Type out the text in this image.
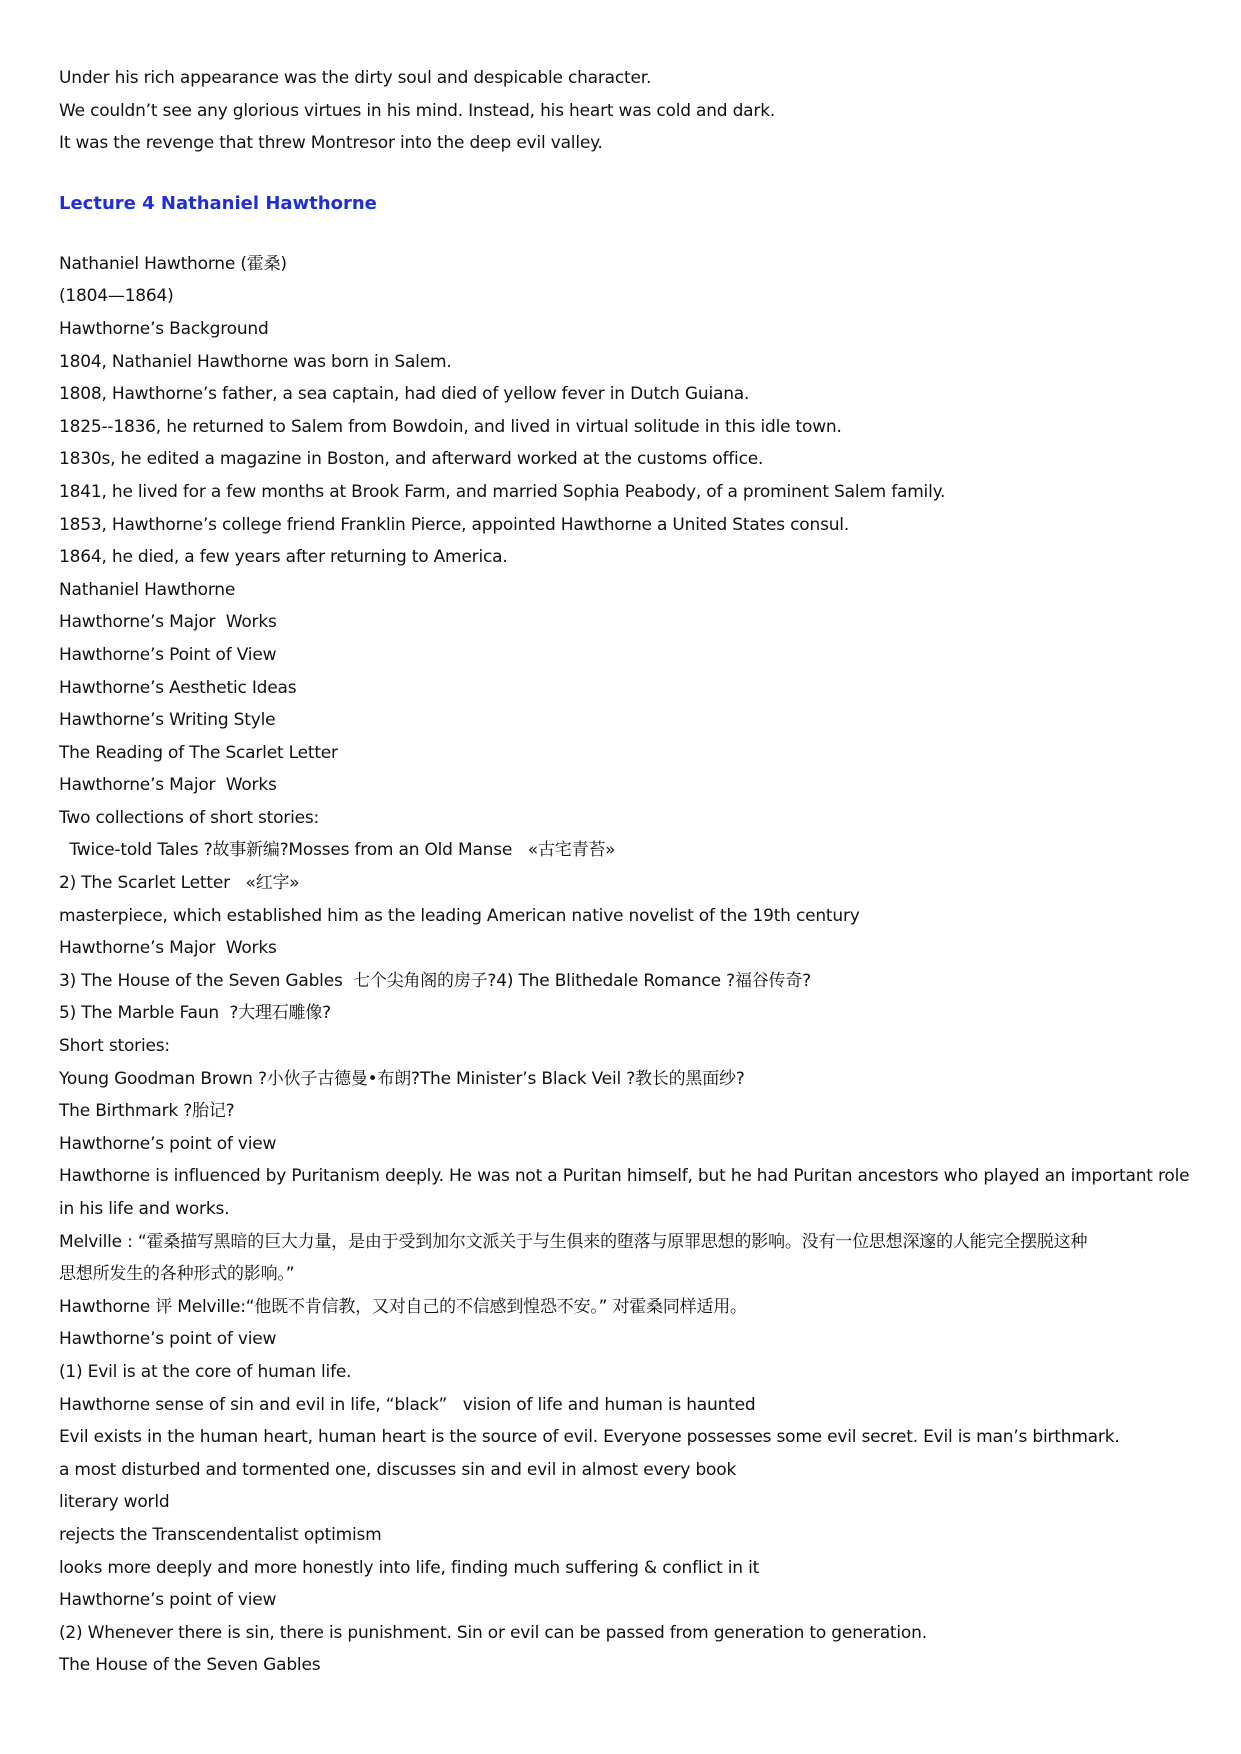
Under his rich appearance was the dirty soul and despicable character.
We couldn’t see any glorious virtues in his mind. Instead, his heart was cold and dark.
It was the revenge that threw Montresor into the deep evil valley.
Lecture 4 Nathaniel Hawthorne
Nathaniel Hawthorne (霍桑)
(1804—1864)
Hawthorne’s Background
1804, Nathaniel Hawthorne was born in Salem.
1808, Hawthorne’s father, a sea captain, had died of yellow fever in Dutch Guiana.
1825--1836, he returned to Salem from Bowdoin, and lived in virtual solitude in this idle town.
1830s, he edited a magazine in Boston, and afterward worked at the customs office.
1841, he lived for a few months at Brook Farm, and married Sophia Peabody, of a prominent Salem family.
1853, Hawthorne’s college friend Franklin Pierce, appointed Hawthorne a United States consul.
1864, he died, a few years after returning to America.
Nathaniel Hawthorne
Hawthorne’s Major  Works
Hawthorne’s Point of View
Hawthorne’s Aesthetic Ideas
Hawthorne’s Writing Style
The Reading of The Scarlet Letter
Hawthorne’s Major  Works
Two collections of short stories:
Twice-told Tales ?故事新编?Mosses from an Old Manse   «古宅青苔»
2) The Scarlet Letter   «红字»
masterpiece, which established him as the leading American native novelist of the 19th century
Hawthorne’s Major  Works
3) The House of the Seven Gables  七个尖角阁的房子?4) The Blithedale Romance ?福谷传奇?
5) The Marble Faun  ?大理石雕像?
Short stories:
Young Goodman Brown ?小伙子古德曼•布朗?The Minister’s Black Veil ?教长的黑面纱?
The Birthmark ?胎记?
Hawthorne’s point of view
Hawthorne is influenced by Puritanism deeply. He was not a Puritan himself, but he had Puritan ancestors who played an important role
in his life and works.
Melville : “霍桑描写黑暗的巨大力量，是由于受到加尔文派关于与生俱来的堕落与原罪思想的影响。没有一位思想深邃的人能完全摆脱这种
思想所发生的各种形式的影响。”
Hawthorne 评 Melville:“他既不肯信教，又对自己的不信感到惶恐不安。” 对霍桑同样适用。
Hawthorne’s point of view
(1) Evil is at the core of human life.
Hawthorne sense of sin and evil in life, “black”   vision of life and human is haunted
Evil exists in the human heart, human heart is the source of evil. Everyone possesses some evil secret. Evil is man’s birthmark.
a most disturbed and tormented one, discusses sin and evil in almost every book
literary world
rejects the Transcendentalist optimism
looks more deeply and more honestly into life, finding much suffering & conflict in it
Hawthorne’s point of view
(2) Whenever there is sin, there is punishment. Sin or evil can be passed from generation to generation.
The House of the Seven Gables
